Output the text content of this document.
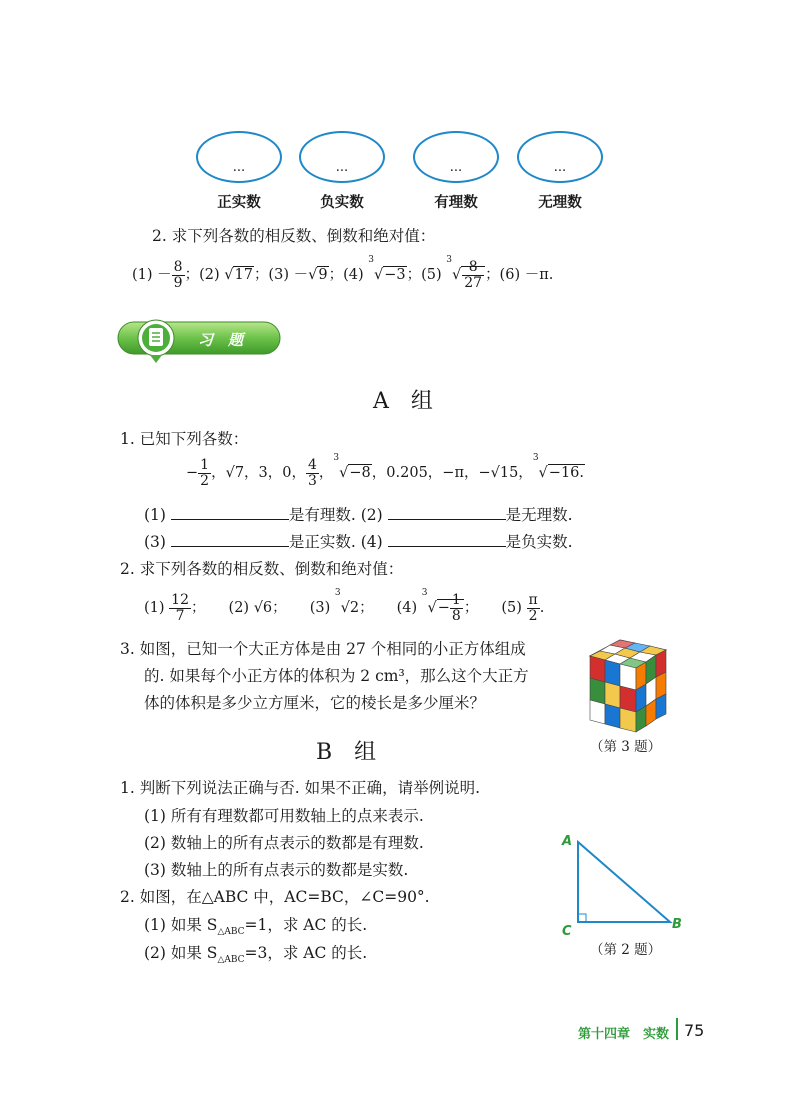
...	...	...	...
正实数	负实数	有理数	无理数
2. 求下列各数的相反数、倒数和绝对值：
$(1) - \frac{8}{9}$ ；(2) √17；(3) －√9；(4) $^3$√−3；(5) $^3√ \frac{8}{27}$ ；(6) －π.
习　题
A　组
1. 已知下列各数：
− $\frac{1}{2}$ ，√7，3，0， $\frac{4}{3}$ ，$^3$√−8，0.205，−π，−√15，$^3$√−16.
(1)	是有理数. (2)	是无理数.
(3)	是正实数. (4)	是负实数.
2. 求下列各数的相反数、倒数和绝对值：
$(1) \frac{12}{7}$ ； (2) √6； (3) $^3$√2； (4) $^3√- \frac{1}{8}$ ； $(5) \frac{\pi}{2}$ .
3. 如图，已知一个大正方体是由 27 个相同的小正方体组成
的. 如果每个小正方体的体积为 2 cm³，那么这个大正方
体的体积是多少立方厘米，它的棱长是多少厘米？
（第 3 题）
B　组
1. 判断下列说法正确与否. 如果不正确，请举例说明.
(1) 所有有理数都可用数轴上的点来表示.
(2) 数轴上的所有点表示的数都是有理数.
(3) 数轴上的所有点表示的数都是实数.
2. 如图，在△ABC 中，AC=BC，∠C=90°.
(1) 如果 $S_{\triangle ABC}=1$，求 AC 的长.
(2) 如果 $S_{\triangle ABC}=3$，求 AC 的长.
A
B
C
（第 2 题）
第十四章　实数 75
